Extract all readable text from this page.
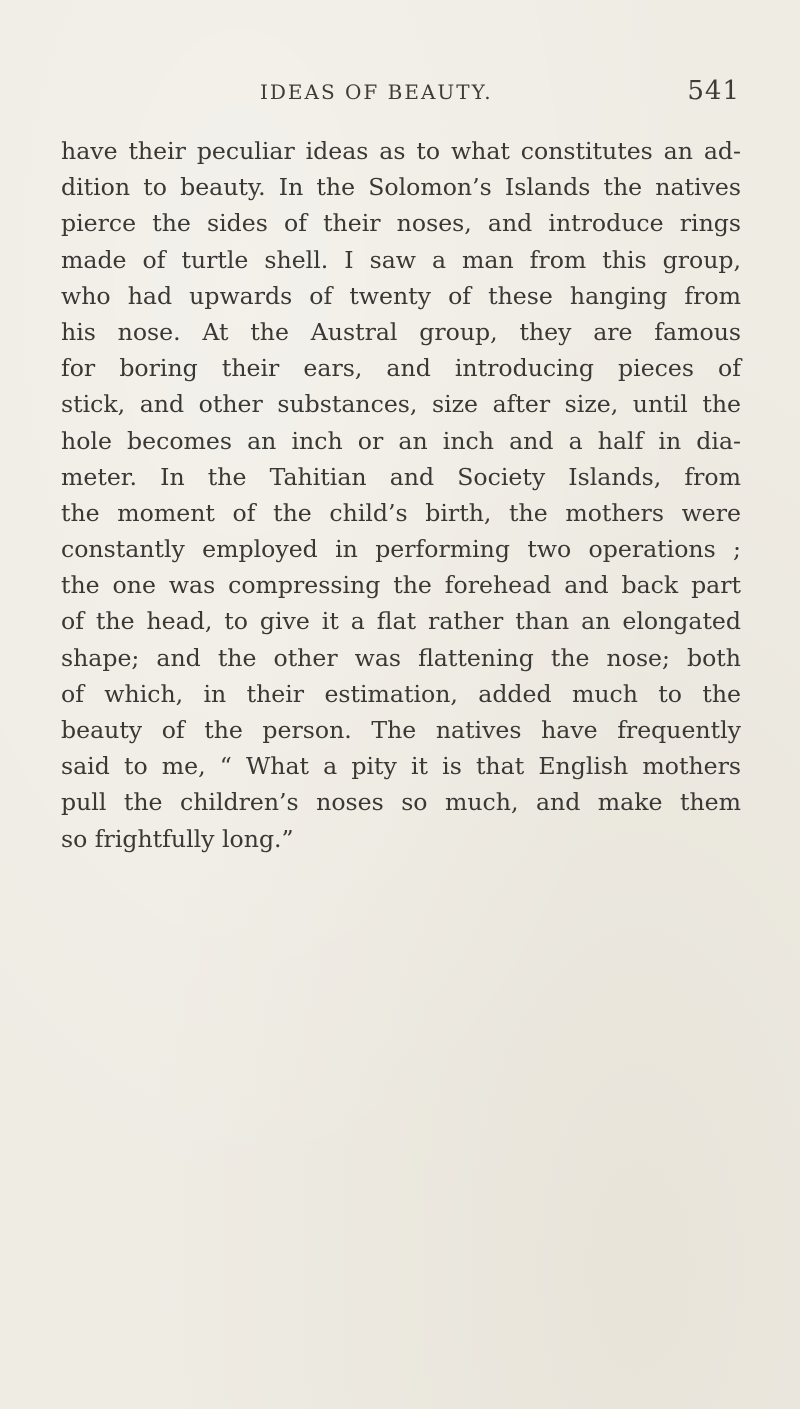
IDEAS OF BEAUTY.	541
have their peculiar ideas as to what constitutes an ad-
dition to beauty. In the Solomon’s Islands the natives
pierce the sides of their noses, and introduce rings
made of turtle shell. I saw a man from this group,
who had upwards of twenty of these hanging from
his nose. At the Austral group, they are famous
for boring their ears, and introducing pieces of
stick, and other substances, size after size, until the
hole becomes an inch or an inch and a half in dia-
meter. In the Tahitian and Society Islands, from
the moment of the child’s birth, the mothers were
constantly employed in performing two operations ;
the one was compressing the forehead and back part
of the head, to give it a flat rather than an elongated
shape; and the other was flattening the nose; both
of which, in their estimation, added much to the
beauty of the person. The natives have frequently
said to me, “ What a pity it is that English mothers
pull the children’s noses so much, and make them
so frightfully long.”
